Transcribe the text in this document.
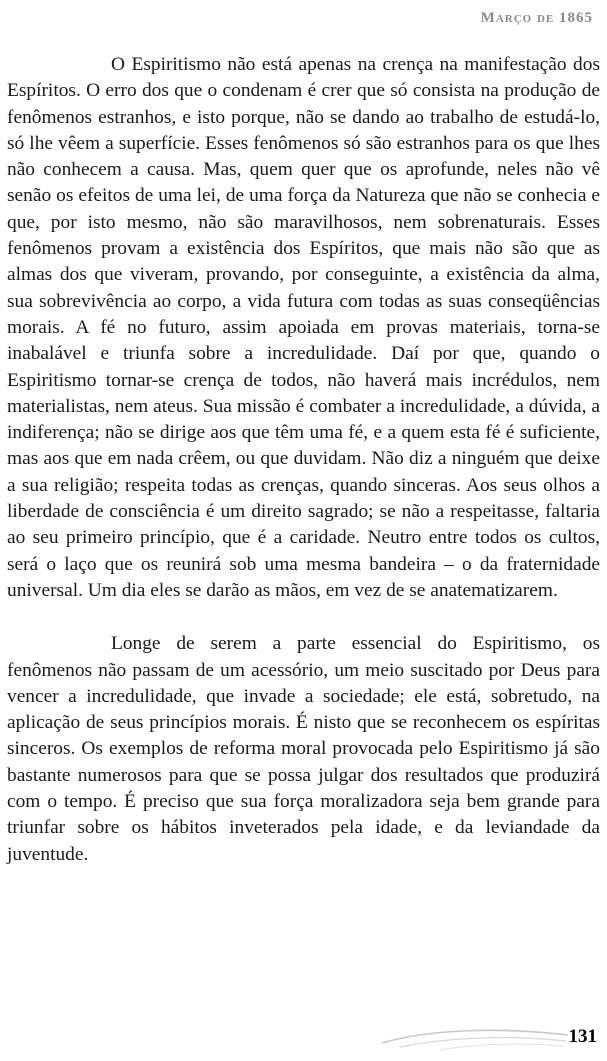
Março de 1865

O Espiritismo não está apenas na crença na manifestação dos Espíritos. O erro dos que o condenam é crer que só consista na produção de fenômenos estranhos, e isto porque, não se dando ao trabalho de estudá-lo, só lhe vêem a superfície. Esses fenômenos só são estranhos para os que lhes não conhecem a causa. Mas, quem quer que os aprofunde, neles não vê senão os efeitos de uma lei, de uma força da Natureza que não se conhecia e que, por isto mesmo, não são maravilhosos, nem sobrenaturais. Esses fenômenos provam a existência dos Espíritos, que mais não são que as almas dos que viveram, provando, por conseguinte, a existência da alma, sua sobrevivência ao corpo, a vida futura com todas as suas conseqüências morais. A fé no futuro, assim apoiada em provas materiais, torna-se inabalável e triunfa sobre a incredulidade. Daí por que, quando o Espiritismo tornar-se crença de todos, não haverá mais incrédulos, nem materialistas, nem ateus. Sua missão é combater a incredulidade, a dúvida, a indiferença; não se dirige aos que têm uma fé, e a quem esta fé é suficiente, mas aos que em nada crêem, ou que duvidam. Não diz a ninguém que deixe a sua religião; respeita todas as crenças, quando sinceras. Aos seus olhos a liberdade de consciência é um direito sagrado; se não a respeitasse, faltaria ao seu primeiro princípio, que é a caridade. Neutro entre todos os cultos, será o laço que os reunirá sob uma mesma bandeira – o da fraternidade universal. Um dia eles se darão as mãos, em vez de se anatematizarem.

Longe de serem a parte essencial do Espiritismo, os fenômenos não passam de um acessório, um meio suscitado por Deus para vencer a incredulidade, que invade a sociedade; ele está, sobretudo, na aplicação de seus princípios morais. É nisto que se reconhecem os espíritas sinceros. Os exemplos de reforma moral provocada pelo Espiritismo já são bastante numerosos para que se possa julgar dos resultados que produzirá com o tempo. É preciso que sua força moralizadora seja bem grande para triunfar sobre os hábitos inveterados pela idade, e da leviandade da juventude.

131
